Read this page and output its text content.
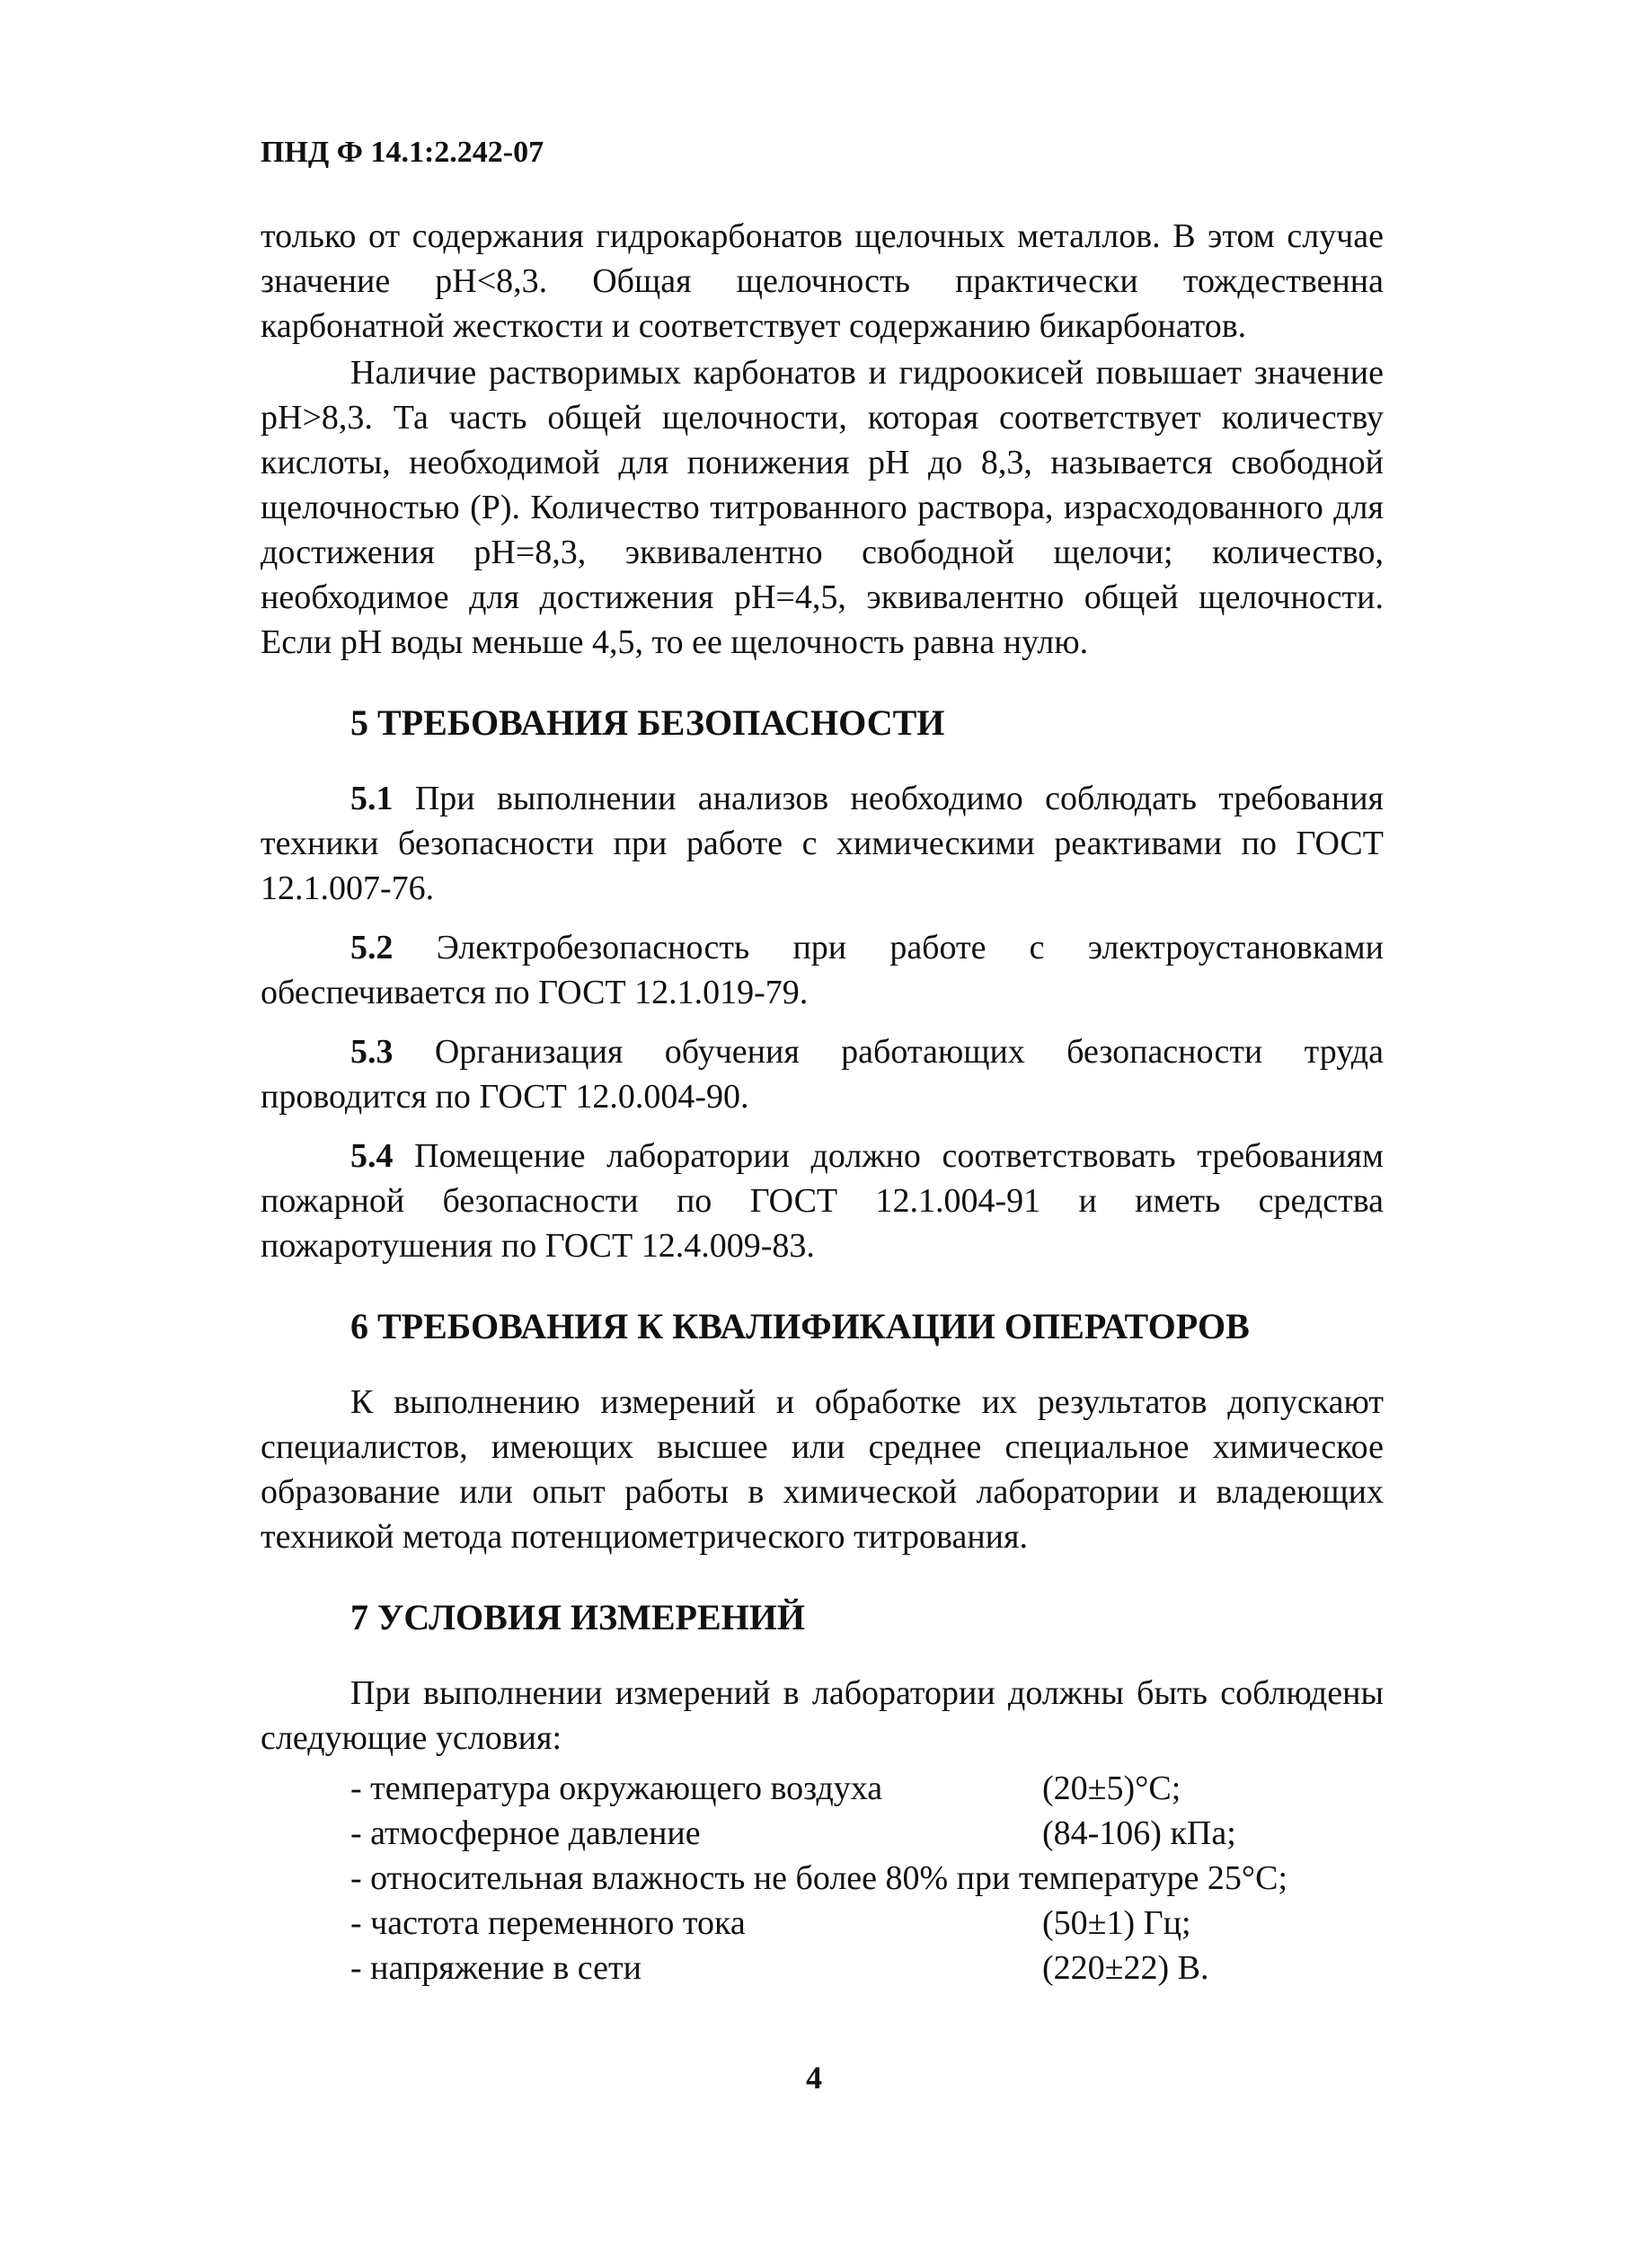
ПНД Ф 14.1:2.242-07

только от содержания гидрокарбонатов щелочных металлов. В этом случае значение pH<8,3. Общая щелочность практически тождественна карбонатной жесткости и соответствует содержанию бикарбонатов.

Наличие растворимых карбонатов и гидроокисей повышает значение pH>8,3. Та часть общей щелочности, которая соответствует количеству кислоты, необходимой для понижения pH до 8,3, называется свободной щелочностью (P). Количество титрованного раствора, израсходованного для достижения pH=8,3, эквивалентно свободной щелочи; количество, необходимое для достижения pH=4,5, эквивалентно общей щелочности. Если pH воды меньше 4,5, то ее щелочность равна нулю.

5 ТРЕБОВАНИЯ БЕЗОПАСНОСТИ

5.1 При выполнении анализов необходимо соблюдать требования техники безопасности при работе с химическими реактивами по ГОСТ 12.1.007-76.

5.2 Электробезопасность при работе с электроустановками обеспечивается по ГОСТ 12.1.019-79.

5.3 Организация обучения работающих безопасности труда проводится по ГОСТ 12.0.004-90.

5.4 Помещение лаборатории должно соответствовать требованиям пожарной безопасности по ГОСТ 12.1.004-91 и иметь средства пожаротушения по ГОСТ 12.4.009-83.

6 ТРЕБОВАНИЯ К КВАЛИФИКАЦИИ ОПЕРАТОРОВ

К выполнению измерений и обработке их результатов допускают специалистов, имеющих высшее или среднее специальное химическое образование или опыт работы в химической лаборатории и владеющих техникой метода потенциометрического титрования.

7 УСЛОВИЯ ИЗМЕРЕНИЙ

При выполнении измерений в лаборатории должны быть соблюдены следующие условия:

- температура окружающего воздуха	(20±5)°С;
- атмосферное давление	(84-106) кПа;
- относительная влажность не более 80% при температуре 25°С;
- частота переменного тока	(50±1) Гц;
- напряжение в сети	(220±22) В.
4
